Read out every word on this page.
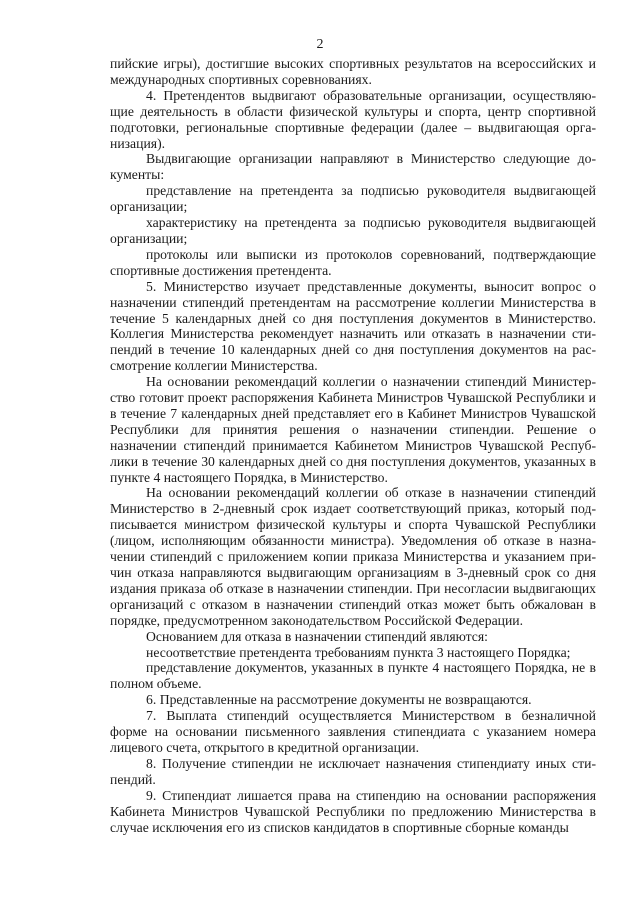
2

пийские игры), достигшие высоких спортивных результатов на всероссийских и международных спортивных соревнованиях.

4. Претендентов выдвигают образовательные организации, осуществляющие деятельность в области физической культуры и спорта, центр спортивной подготовки, региональные спортивные федерации (далее – выдвигающая организация).

Выдвигающие организации направляют в Министерство следующие документы:

представление на претендента за подписью руководителя выдвигающей организации;

характеристику на претендента за подписью руководителя выдвигающей организации;

протоколы или выписки из протоколов соревнований, подтверждающие спортивные достижения претендента.

5. Министерство изучает представленные документы, выносит вопрос о назначении стипендий претендентам на рассмотрение коллегии Министерства в течение 5 календарных дней со дня поступления документов в Министерство. Коллегия Министерства рекомендует назначить или отказать в назначении стипендий в течение 10 календарных дней со дня поступления документов на рассмотрение коллегии Министерства.

На основании рекомендаций коллегии о назначении стипендий Министерство готовит проект распоряжения Кабинета Министров Чувашской Республики и в течение 7 календарных дней представляет его в Кабинет Министров Чувашской Республики для принятия решения о назначении стипендии. Решение о назначении стипендий принимается Кабинетом Министров Чувашской Республики в течение 30 календарных дней со дня поступления документов, указанных в пункте 4 настоящего Порядка, в Министерство.

На основании рекомендаций коллегии об отказе в назначении стипендий Министерство в 2-дневный срок издает соответствующий приказ, который подписывается министром физической культуры и спорта Чувашской Республики (лицом, исполняющим обязанности министра). Уведомления об отказе в назначении стипендий с приложением копии приказа Министерства и указанием причин отказа направляются выдвигающим организациям в 3-дневный срок со дня издания приказа об отказе в назначении стипендии. При несогласии выдвигающих организаций с отказом в назначении стипендий отказ может быть обжалован в порядке, предусмотренном законодательством Российской Федерации.

Основанием для отказа в назначении стипендий являются:

несоответствие претендента требованиям пункта 3 настоящего Порядка;

представление документов, указанных в пункте 4 настоящего Порядка, не в полном объеме.

6. Представленные на рассмотрение документы не возвращаются.

7. Выплата стипендий осуществляется Министерством в безналичной форме на основании письменного заявления стипендиата с указанием номера лицевого счета, открытого в кредитной организации.

8. Получение стипендии не исключает назначения стипендиату иных стипендий.

9. Стипендиат лишается права на стипендию на основании распоряжения Кабинета Министров Чувашской Республики по предложению Министерства в случае исключения его из списков кандидатов в спортивные сборные команды
